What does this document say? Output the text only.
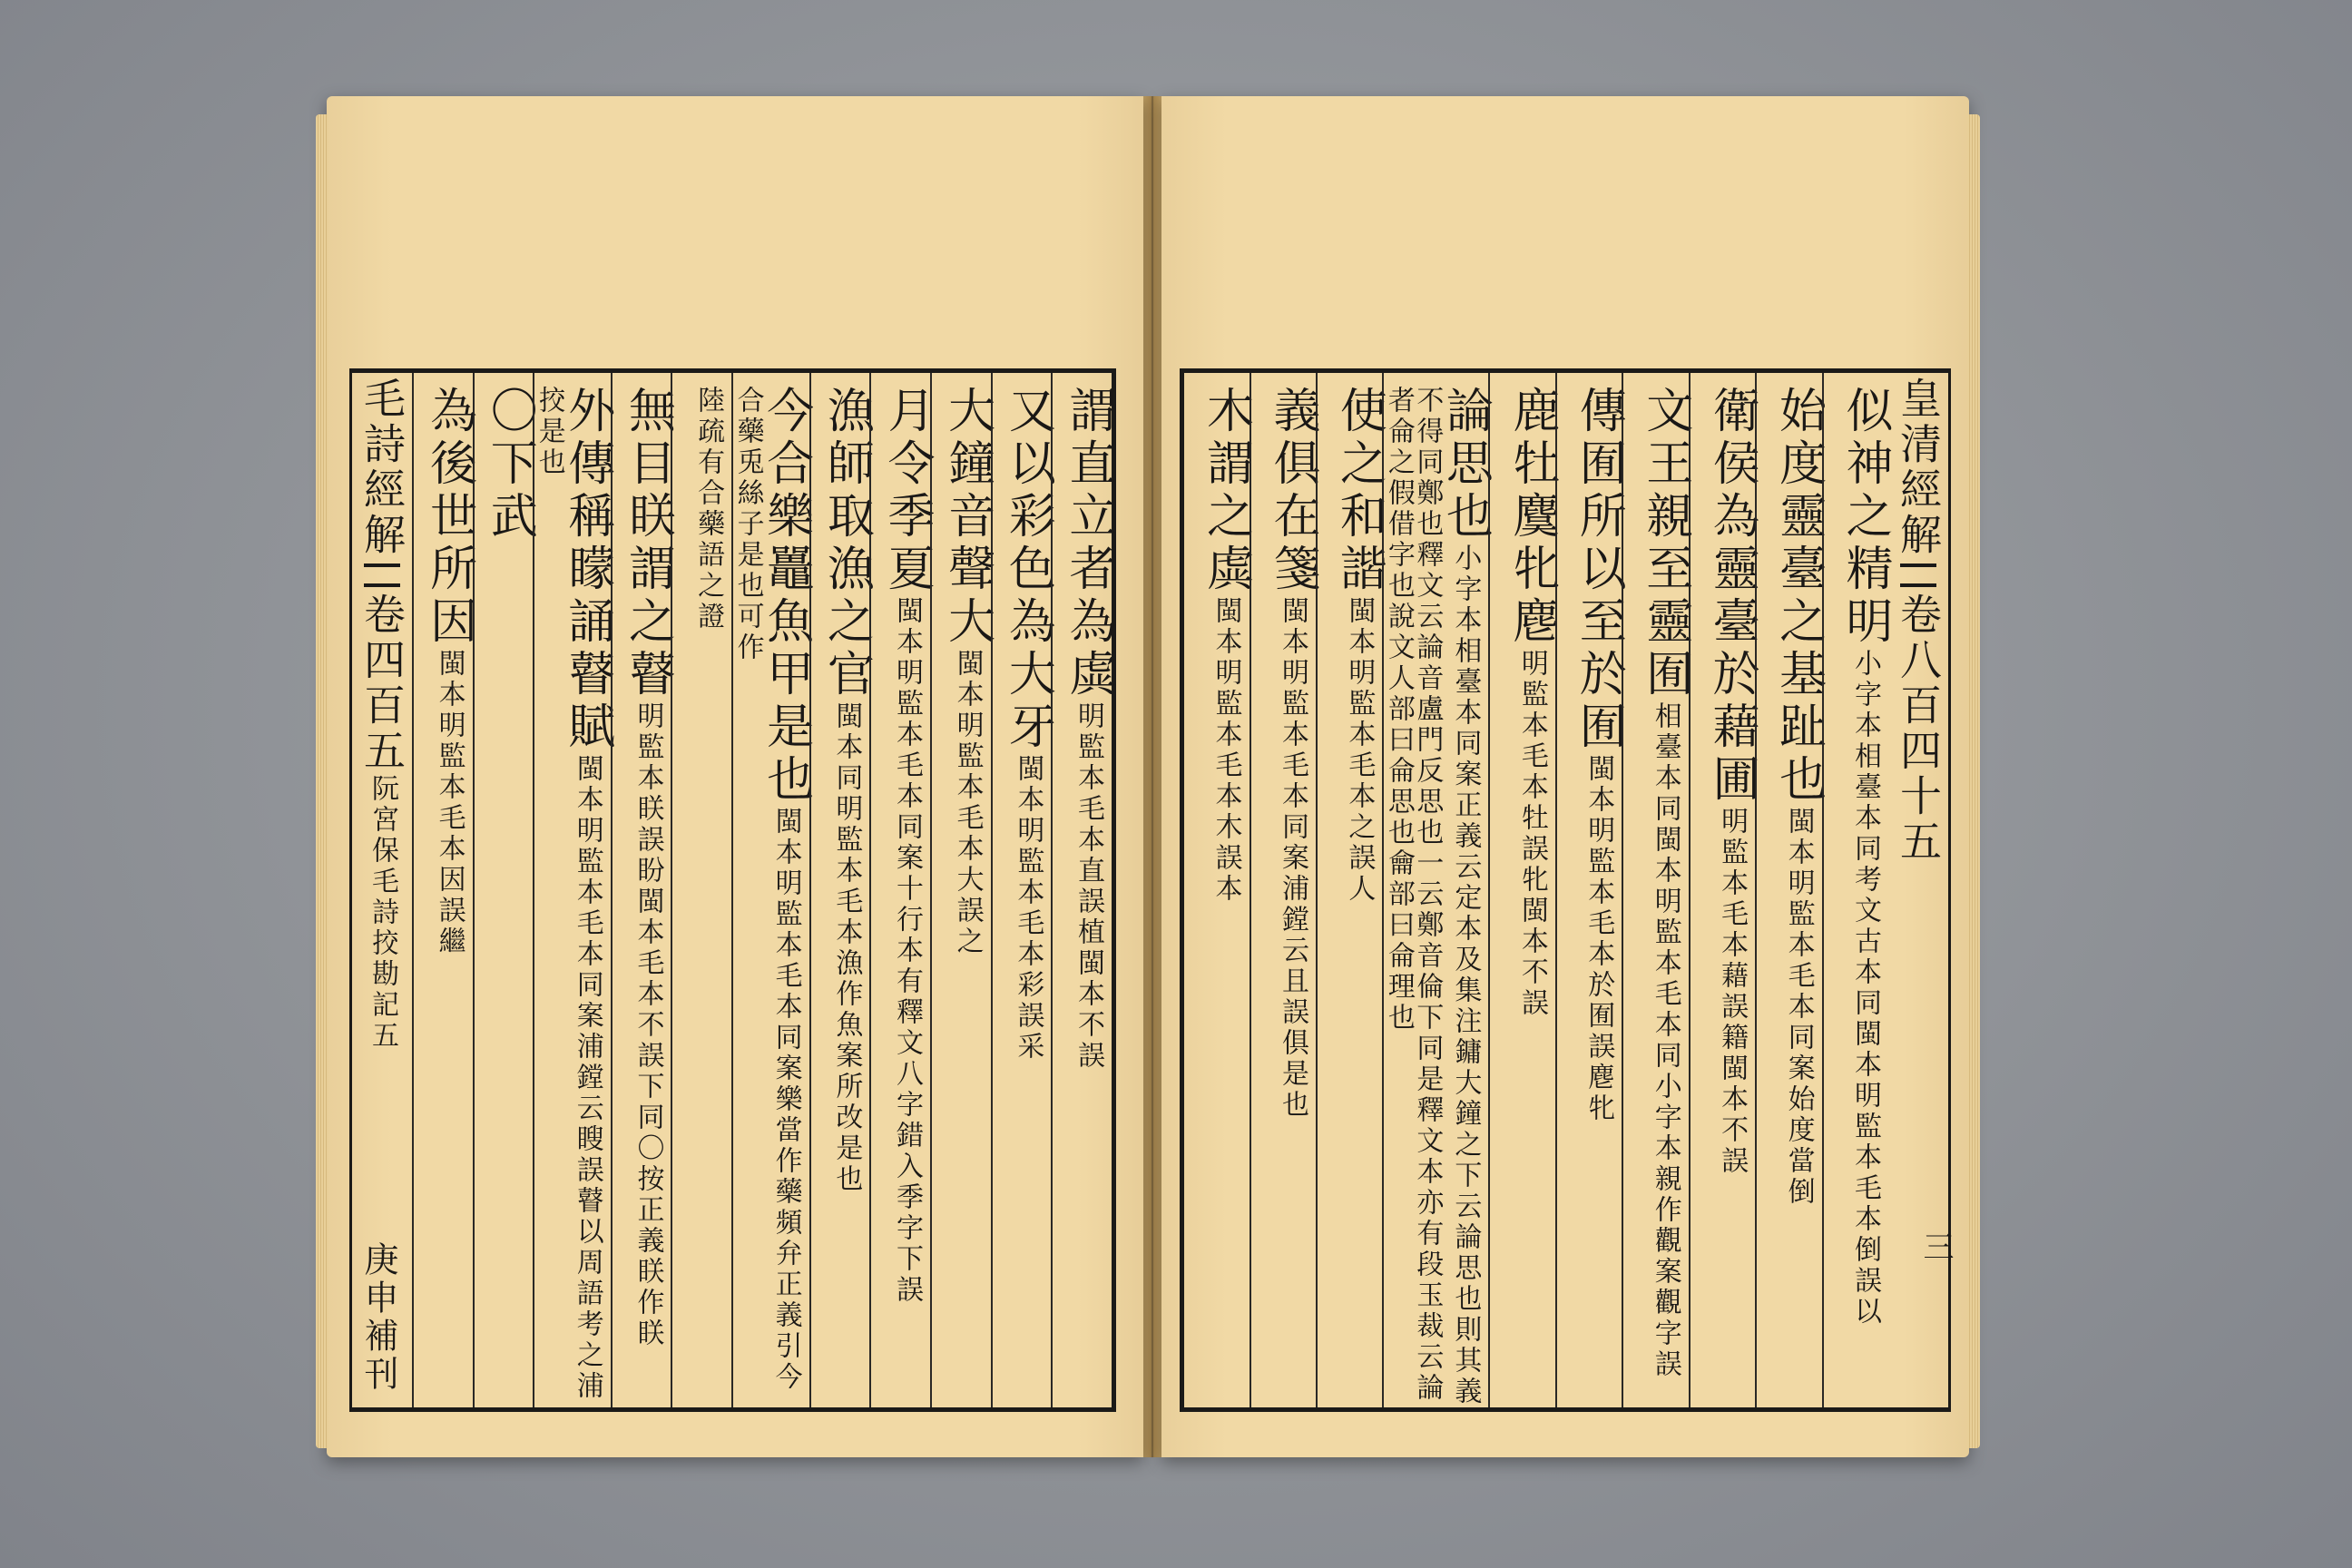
謂直立者為虡明監本毛本直誤植閩本不誤
又以彩色為大牙閩本明監本毛本彩誤采
大鐘音聲大閩本明監本毛本大誤之
月令季夏閩本明監本毛本同案十行本有釋文八字錯入季字下誤
漁師取漁之官閩本同明監本毛本漁作魚案所改是也
今合樂鼉魚甲是也閩本明監本毛本同案樂當作藥頻弁正義引今合藥兎絲子是也可作
陸疏有合藥語之證
無目眹謂之瞽明監本眹誤盼閩本毛本不誤下同〇按正義眹作眹
外傳稱矇誦瞽賦閩本明監本毛本同案浦鏜云瞍誤瞽以周語考之浦挍是也
〇下武
為後世所因閩本明監本毛本因誤繼
毛詩經解卷四百五阮宮保毛詩挍勘記五
庚申補刊
皇清經解卷八百四十五
似神之精明小字本相臺本同考文古本同閩本明監本毛本倒誤以
始度靈臺之基趾也閩本明監本毛本同案始度當倒
衛侯為靈臺於藉圃明監本毛本藉誤籍閩本不誤
文王親至靈囿相臺本同閩本明監本毛本同小字本親作觀案觀字誤
傳囿所以至於囿閩本明監本毛本於囿誤麀牝
鹿牡麌牝麀明監本毛本牡誤牝閩本不誤
論思也小字本相臺本同案正義云定本及集注鏞大鐘之下云論思也則其義不得同鄭也釋文云論音盧門反思也一云鄭音倫下同是釋文本亦有段玉裁云論者侖之假借字也說文人部曰侖思也龠部曰侖理也
使之和諧閩本明監本毛本之誤人
義俱在箋閩本明監本毛本同案浦鏜云且誤俱是也
木謂之虡閩本明監本毛本木誤本
三
